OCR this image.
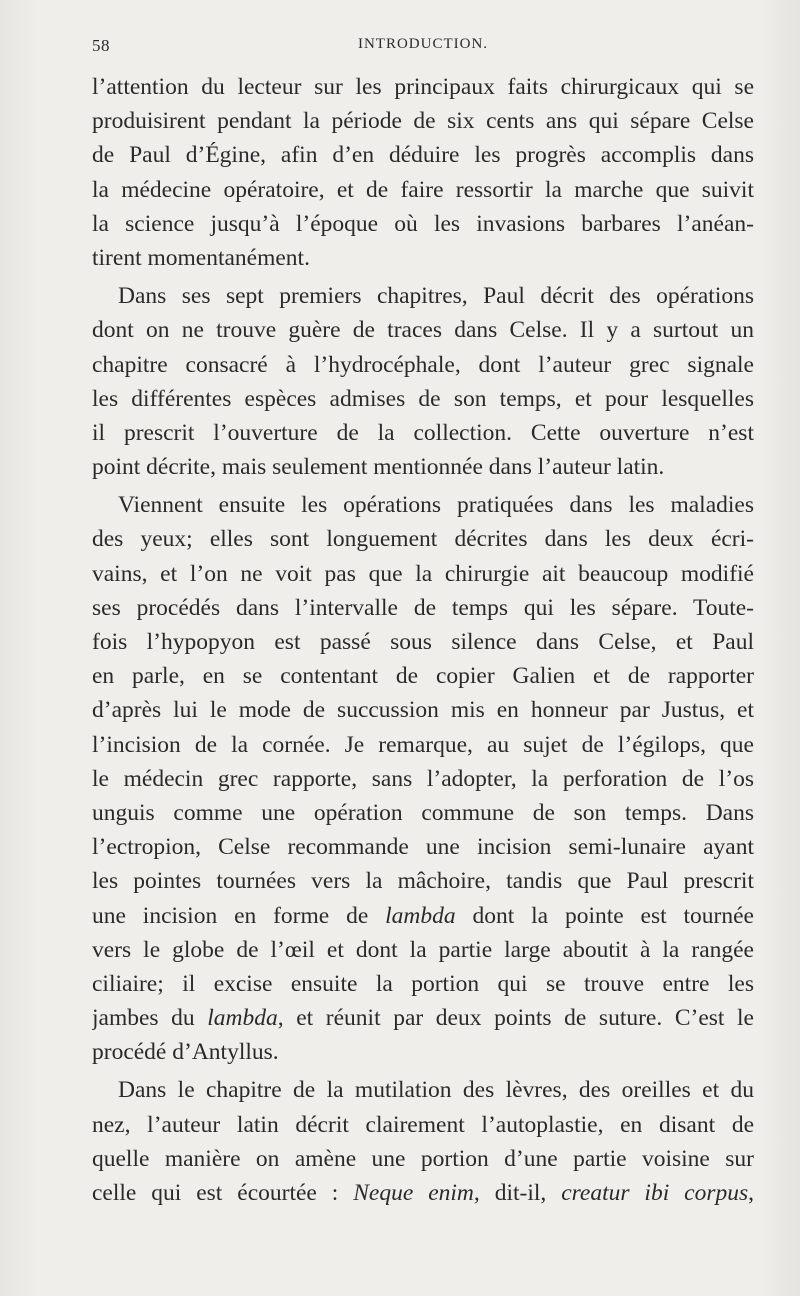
58	INTRODUCTION.
l’attention du lecteur sur les principaux faits chirurgicaux qui se
produisirent pendant la période de six cents ans qui sépare Celse
de Paul d’Égine, afin d’en déduire les progrès accomplis dans
la médecine opératoire, et de faire ressortir la marche que suivit
la science jusqu’à l’époque où les invasions barbares l’anéan-
tirent momentanément.
Dans ses sept premiers chapitres, Paul décrit des opérations
dont on ne trouve guère de traces dans Celse. Il y a surtout un
chapitre consacré à l’hydrocéphale, dont l’auteur grec signale
les différentes espèces admises de son temps, et pour lesquelles
il prescrit l’ouverture de la collection. Cette ouverture n’est
point décrite, mais seulement mentionnée dans l’auteur latin.
Viennent ensuite les opérations pratiquées dans les maladies
des yeux; elles sont longuement décrites dans les deux écri-
vains, et l’on ne voit pas que la chirurgie ait beaucoup modifié
ses procédés dans l’intervalle de temps qui les sépare. Toute-
fois l’hypopyon est passé sous silence dans Celse, et Paul
en parle, en se contentant de copier Galien et de rapporter
d’après lui le mode de succussion mis en honneur par Justus, et
l’incision de la cornée. Je remarque, au sujet de l’égilops, que
le médecin grec rapporte, sans l’adopter, la perforation de l’os
unguis comme une opération commune de son temps. Dans
l’ectropion, Celse recommande une incision semi-lunaire ayant
les pointes tournées vers la mâchoire, tandis que Paul prescrit
une incision en forme de lambda dont la pointe est tournée
vers le globe de l’œil et dont la partie large aboutit à la rangée
ciliaire; il excise ensuite la portion qui se trouve entre les
jambes du lambda, et réunit par deux points de suture. C’est le
procédé d’Antyllus.
Dans le chapitre de la mutilation des lèvres, des oreilles et du
nez, l’auteur latin décrit clairement l’autoplastie, en disant de
quelle manière on amène une portion d’une partie voisine sur
celle qui est écourtée : Neque enim, dit-il, creatur ibi corpus,
